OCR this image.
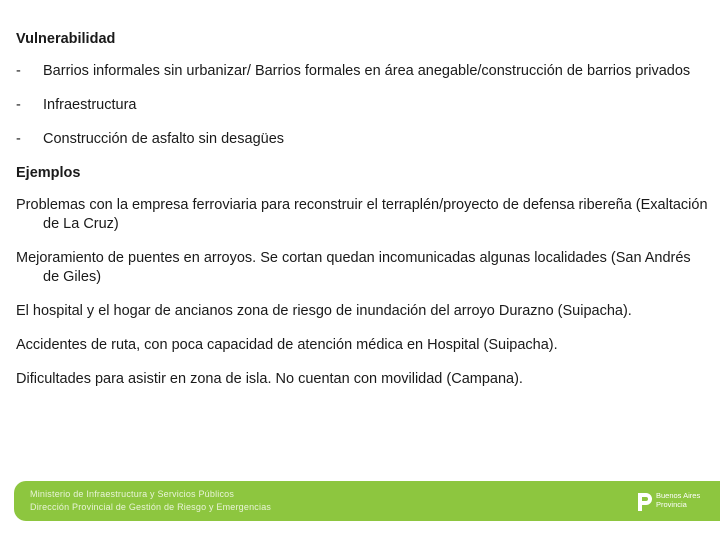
Vulnerabilidad
-	Barrios informales sin urbanizar/ Barrios formales en área anegable/construcción de barrios privados
-	Infraestructura
-	Construcción de asfalto sin desagües
Ejemplos
Problemas con la empresa ferroviaria para reconstruir el terraplén/proyecto de defensa ribereña (Exaltación de La Cruz)
Mejoramiento de puentes en arroyos. Se cortan quedan incomunicadas algunas localidades (San Andrés de Giles)
El hospital y el hogar de ancianos zona de riesgo de inundación del arroyo Durazno (Suipacha).
Accidentes de ruta, con poca capacidad de atención médica en Hospital (Suipacha).
Dificultades para asistir en zona de isla. No cuentan con movilidad (Campana).
Ministerio de Infraestructura y Servicios Públicos
Dirección Provincial de Gestión de Riesgo y Emergencias
Buenos Aires
Provincia
